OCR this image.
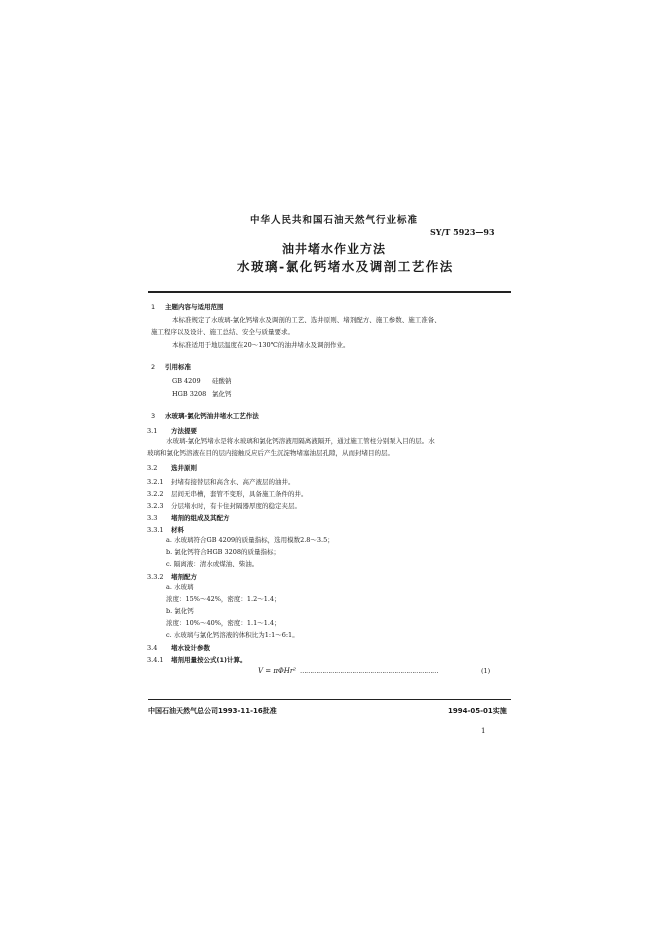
中华人民共和国石油天然气行业标准
SY/T 5923—93
油井堵水作业方法
水玻璃-氯化钙堵水及调剖工艺作法
1 主题内容与适用范围
本标准规定了水玻璃-氯化钙堵水及调剖的工艺、选井原则、堵剂配方、施工参数、施工准备、
施工程序以及设计、施工总结、安全与质量要求。
本标准适用于地层温度在20～130℃的油井堵水及调剖作业。
2 引用标准
GB 4209 硅酸钠
HGB 3208 氯化钙
3 水玻璃-氯化钙油井堵水工艺作法
3.1 方法提要
水玻璃-氯化钙堵水是将水玻璃和氯化钙溶液用隔离液隔开，通过施工管柱分别泵入目的层。水
玻璃和氯化钙溶液在目的层内接触反应后产生沉淀物堵塞油层孔隙，从而封堵目的层。
3.2 选井原则
3.2.1 封堵有接替层和高含水、高产液层的油井。
3.2.2 层间无串槽，套管不变形，具备施工条件的井。
3.2.3 分层堵水时，有卡住封隔器厚度的稳定夹层。
3.3 堵剂的组成及其配方
3.3.1 材料
a. 水玻璃符合GB 4209的质量指标，选用模数2.8～3.5；
b. 氯化钙符合HGB 3208的质量指标；
c. 隔离液：清水或煤油、柴油。
3.3.2 堵剂配方
a. 水玻璃
浓度：15%～42%，密度：1.2～1.4；
b. 氯化钙
浓度：10%～40%，密度：1.1～1.4；
c. 水玻璃与氯化钙溶液的体积比为1:1～6:1。
3.4 堵水设计参数
3.4.1 堵剂用量按公式(1)计算。
V = πΦHr² ……………………………………………………………	(1)
中国石油天然气总公司1993-11-16批准	1994-05-01实施
1
